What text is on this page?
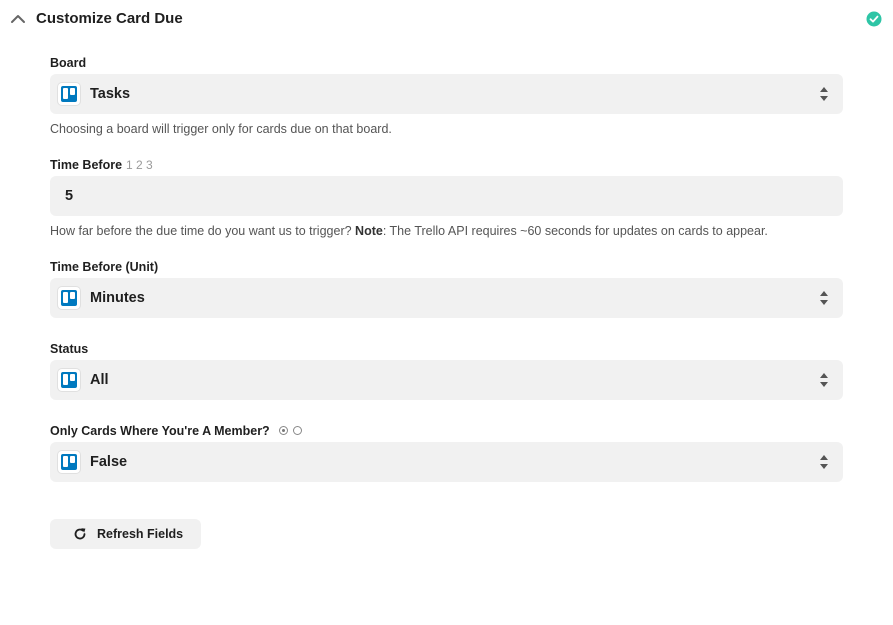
Customize Card Due
Board
Tasks
Choosing a board will trigger only for cards due on that board.
Time Before 1 2 3
5
How far before the due time do you want us to trigger? Note: The Trello API requires ~60 seconds for updates on cards to appear.
Time Before (Unit)
Minutes
Status
All
Only Cards Where You're A Member?
False
Refresh Fields
